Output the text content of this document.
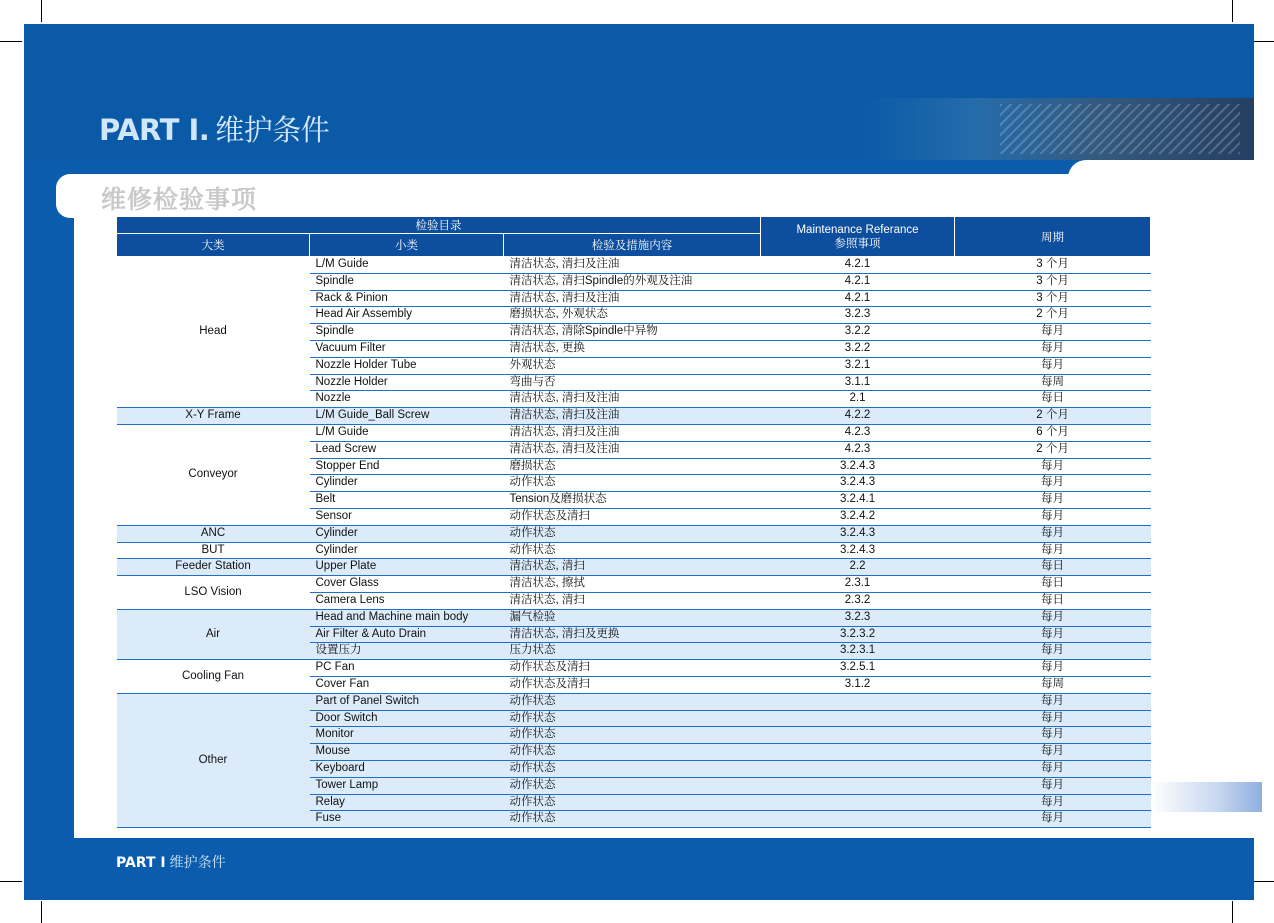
PART I. 维护条件
维修检验事项
检验目录			Maintenance Referance
参照事项	周期
大类	小类	检验及措施内容		
Head	L/M Guide	清洁状态, 清扫及注油	4.2.1	3 个月
	Spindle	清洁状态, 清扫Spindle的外观及注油	4.2.1	3 个月
	Rack & Pinion	清洁状态, 清扫及注油	4.2.1	3 个月
	Head Air Assembly	磨损状态, 外观状态	3.2.3	2 个月
	Spindle	清洁状态, 清除Spindle中异物	3.2.2	每月
	Vacuum Filter	清洁状态, 更换	3.2.2	每月
	Nozzle Holder Tube	外观状态	3.2.1	每月
	Nozzle Holder	弯曲与否	3.1.1	每周
	Nozzle	清洁状态, 清扫及注油	2.1	每日
X-Y Frame	L/M Guide_Ball Screw	清洁状态, 清扫及注油	4.2.2	2 个月
Conveyor	L/M Guide	清洁状态, 清扫及注油	4.2.3	6 个月
	Lead Screw	清洁状态, 清扫及注油	4.2.3	2 个月
	Stopper End	磨损状态	3.2.4.3	每月
	Cylinder	动作状态	3.2.4.3	每月
	Belt	Tension及磨损状态	3.2.4.1	每月
	Sensor	动作状态及清扫	3.2.4.2	每月
ANC	Cylinder	动作状态	3.2.4.3	每月
BUT	Cylinder	动作状态	3.2.4.3	每月
Feeder Station	Upper Plate	清洁状态, 清扫	2.2	每日
LSO Vision	Cover Glass	清洁状态, 擦拭	2.3.1	每日
	Camera Lens	清洁状态, 清扫	2.3.2	每日
Air	Head and Machine main body	漏气检验	3.2.3	每月
	Air Filter & Auto Drain	清洁状态, 清扫及更换	3.2.3.2	每月
	设置压力	压力状态	3.2.3.1	每月
Cooling Fan	PC Fan	动作状态及清扫	3.2.5.1	每月
	Cover Fan	动作状态及清扫	3.1.2	每周
Other	Part of Panel Switch	动作状态		每月
	Door Switch	动作状态		每月
	Monitor	动作状态		每月
	Mouse	动作状态		每月
	Keyboard	动作状态		每月
	Tower Lamp	动作状态		每月
	Relay	动作状态		每月
	Fuse	动作状态		每月
PART I 维护条件
